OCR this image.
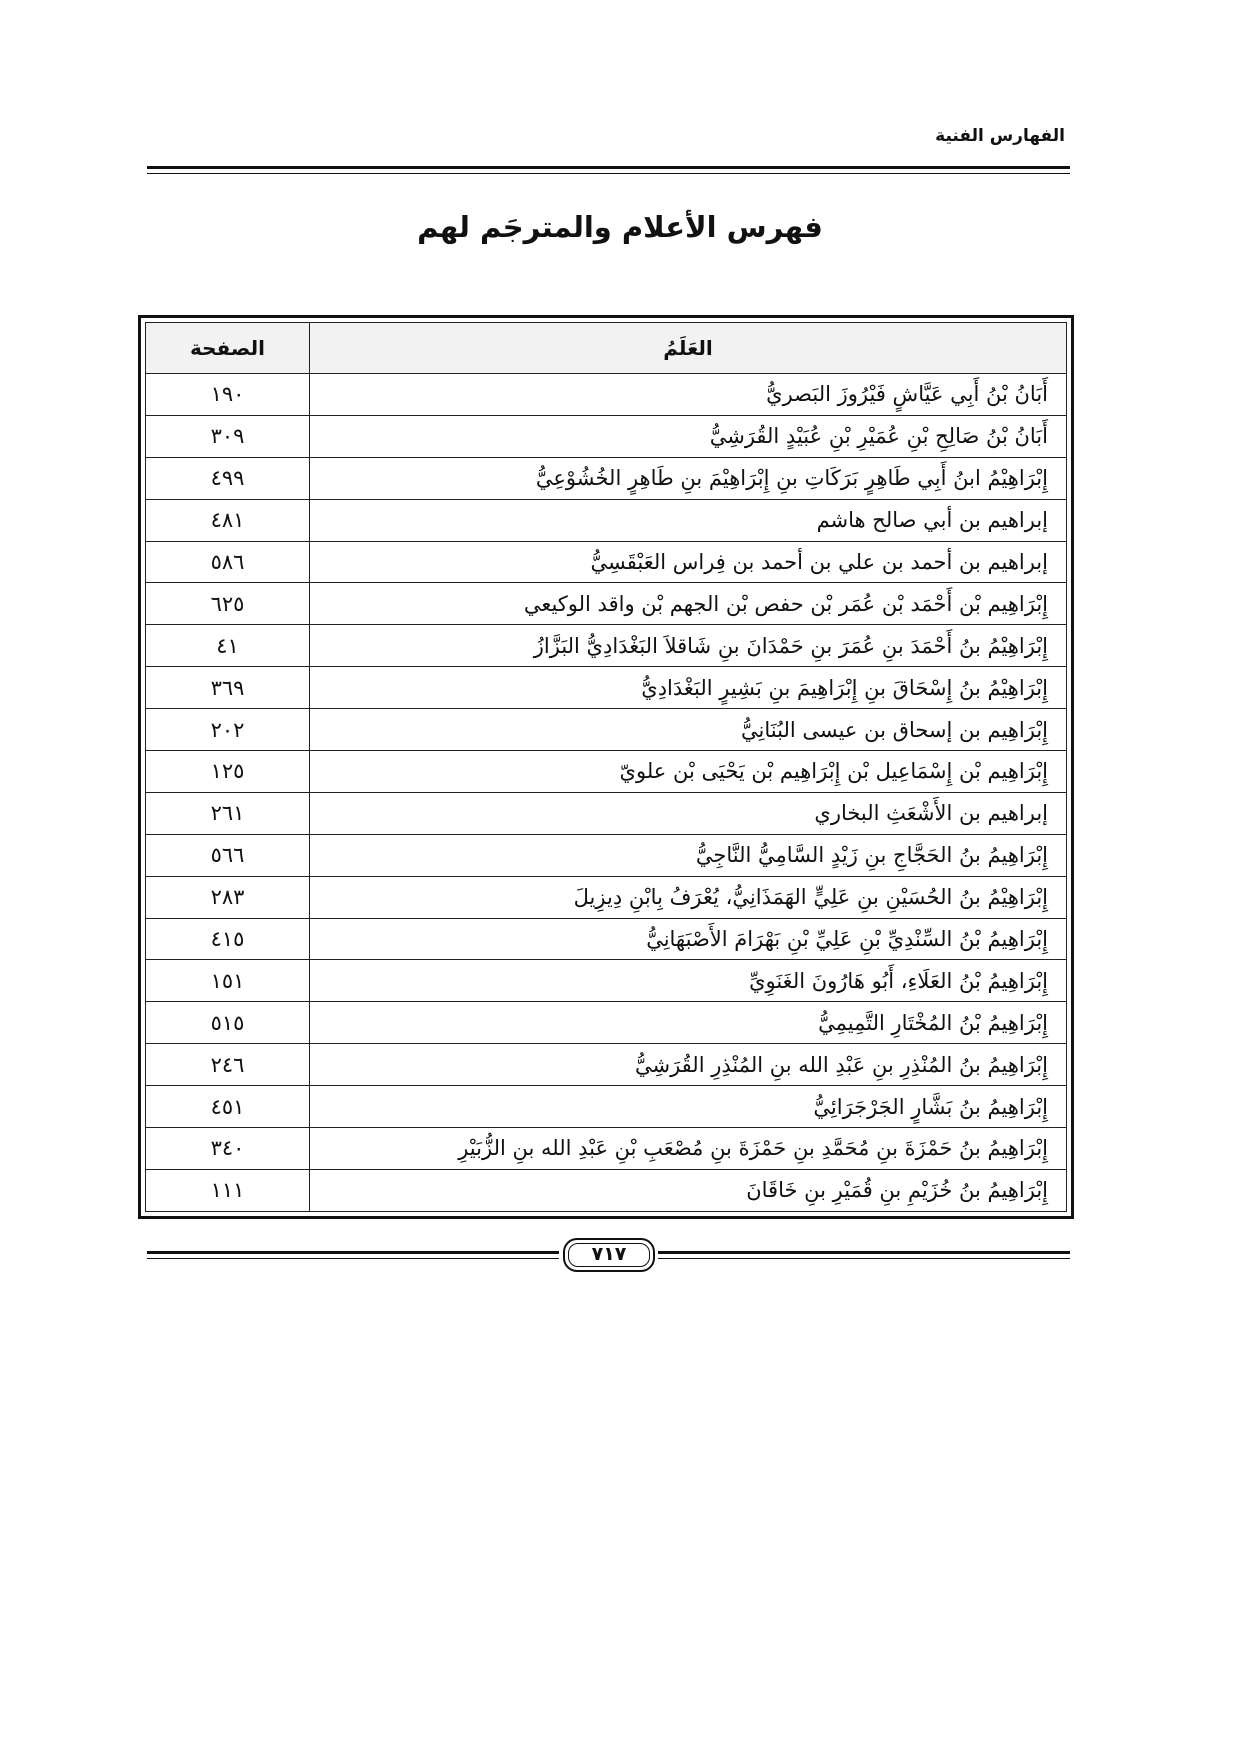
الفهارس الفنية
فهرس الأعلام والمترجَم لهم
العَلَمُ	الصفحة
أَبَانُ بْنُ أَبِي عَيَّاشٍ فَيْرُوزَ البَصريُّ	١٩٠
أَبَانُ بْنُ صَالِحِ بْنِ عُمَيْرِ بْنِ عُبَيْدٍ القُرَشِيُّ	٣٠٩
إِبْرَاهِيْمُ ابنُ أَبِي طَاهِرٍ بَرَكَاتِ بنِ إِبْرَاهِيْمَ بنِ طَاهِرٍ الخُشُوْعِيُّ	٤٩٩
إبراهيم بن أبي صالح هاشم	٤٨١
إبراهيم بن أحمد بن علي بن أحمد بن فِراس العَبْقَسِيُّ	٥٨٦
إِبْرَاهِيم بْن أَحْمَد بْن عُمَر بْن حفص بْن الجهم بْن واقد الوكيعي	٦٢٥
إِبْرَاهِيْمُ بنُ أَحْمَدَ بنِ عُمَرَ بنِ حَمْدَانَ بنِ شَاقلاَ البَغْدَادِيُّ البَزَّازُ	٤١
إِبْرَاهِيْمُ بنُ إِسْحَاقَ بنِ إِبْرَاهِيمَ بنِ بَشِيرٍ البَغْدَادِيُّ	٣٦٩
إِبْرَاهِيم بن إسحاق بن عيسى البُنَانِيُّ	٢٠٢
إِبْرَاهِيم بْن إِسْمَاعِيل بْن إِبْرَاهِيم بْن يَحْيَى بْن علويّ	١٢٥
إبراهيم بن الأَشْعَثِ البخاري	٢٦١
إِبْرَاهِيمُ بنُ الحَجَّاجِ بنِ زَيْدٍ السَّامِيُّ النَّاجِيُّ	٥٦٦
إِبْرَاهِيْمُ بنُ الحُسَيْنِ بنِ عَلِيٍّ الهَمَذَانِيُّ، يُعْرَفُ بِابْنِ دِيزِيلَ	٢٨٣
إِبْرَاهِيمُ بْنُ السِّنْدِيِّ بْنِ عَلِيِّ بْنِ بَهْرَامَ الأَصْبَهَانِيُّ	٤١٥
إِبْرَاهِيمُ بْنُ العَلَاءِ، أَبُو هَارُونَ الغَنَوِيِّ	١٥١
إِبْرَاهِيمُ بْنُ المُخْتَارِ التَّمِيمِيُّ	٥١٥
إِبْرَاهِيمُ بنُ المُنْذِرِ بنِ عَبْدِ الله بنِ المُنْذِرِ القُرَشِيُّ	٢٤٦
إِبْرَاهِيمُ بنُ بَشَّارٍ الجَرْجَرَائِيُّ	٤٥١
إِبْرَاهِيمُ بنُ حَمْزَةَ بنِ مُحَمَّدِ بنِ حَمْزَةَ بنِ مُصْعَبِ بْنِ عَبْدِ الله بنِ الزُّبَيْرِ	٣٤٠
إِبْرَاهِيمُ بنُ خُزَيْمِ بنِ قُمَيْرِ بنِ خَاقَانَ	١١١
٧١٧
